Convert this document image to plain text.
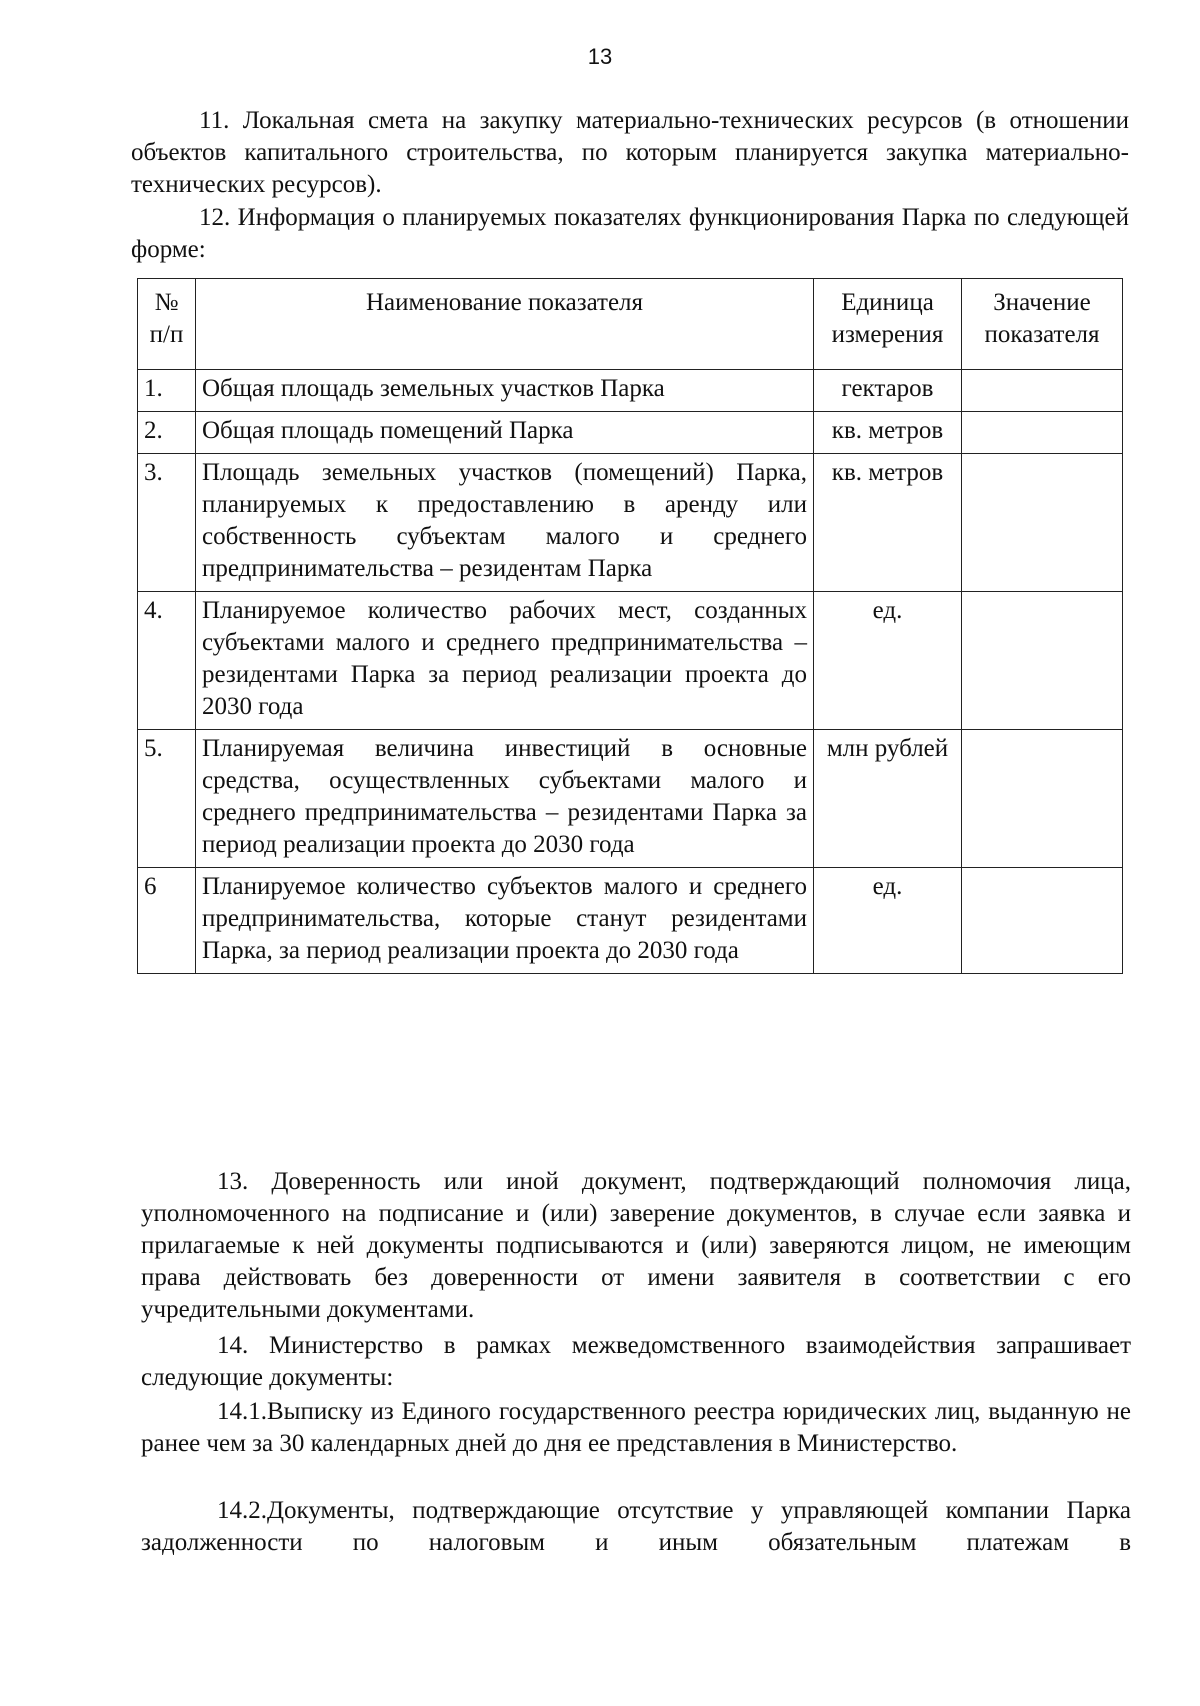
13

11. Локальная смета на закупку материально-технических ресурсов (в отношении объектов капитального строительства, по которым планируется закупка материально-технических ресурсов).

12. Информация о планируемых показателях функционирования Парка по следующей форме:

№ п/п	Наименование показателя	Единица измерения	Значение показателя
1.	Общая площадь земельных участков Парка	гектаров	
2.	Общая площадь помещений Парка	кв. метров	
3.	Площадь земельных участков (помещений) Парка, планируемых к предоставлению в аренду или собственность субъектам малого и среднего предпринимательства – резидентам Парка	кв. метров	
4.	Планируемое количество рабочих мест, созданных субъектами малого и среднего предпринимательства – резидентами Парка за период реализации проекта до 2030 года	ед.	
5.	Планируемая величина инвестиций в основные средства, осуществленных субъектами малого и среднего предпринимательства – резидентами Парка за период реализации проекта до 2030 года	млн рублей	
6	Планируемое количество субъектов малого и среднего предпринимательства, которые станут резидентами Парка, за период реализации проекта до 2030 года	ед.	

13. Доверенность или иной документ, подтверждающий полномочия лица, уполномоченного на подписание и (или) заверение документов, в случае если заявка и прилагаемые к ней документы подписываются и (или) заверяются лицом, не имеющим права действовать без доверенности от имени заявителя в соответствии с его учредительными документами.

14. Министерство в рамках межведомственного взаимодействия запрашивает следующие документы:

14.1.Выписку из Единого государственного реестра юридических лиц, выданную не ранее чем за 30 календарных дней до дня ее представления в Министерство.

14.2.Документы, подтверждающие отсутствие у управляющей компании Парка задолженности по налоговым и иным обязательным платежам в
